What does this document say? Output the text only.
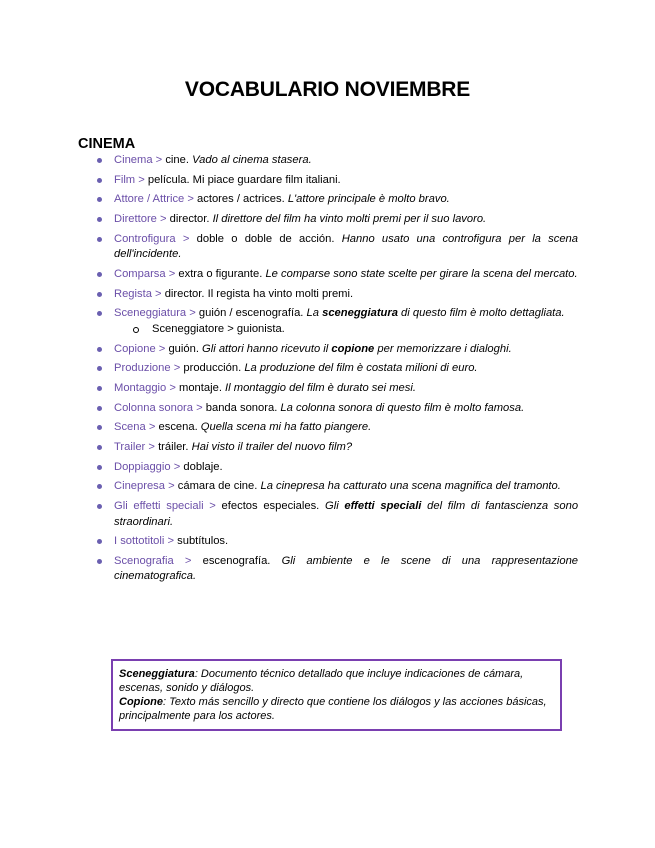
VOCABULARIO NOVIEMBRE
CINEMA
Cinema > cine. Vado al cinema stasera.
Film > película. Mi piace guardare film italiani.
Attore / Attrice > actores / actrices. L'attore principale è molto bravo.
Direttore > director. Il direttore del film ha vinto molti premi per il suo lavoro.
Controfigura > doble o doble de acción. Hanno usato una controfigura per la scena dell'incidente.
Comparsa > extra o figurante. Le comparse sono state scelte per girare la scena del mercato.
Regista > director. Il regista ha vinto molti premi.
Sceneggiatura > guión / escenografía. La sceneggiatura di questo film è molto dettagliata.
Sceneggiatore > guionista.
Copione > guión. Gli attori hanno ricevuto il copione per memorizzare i dialoghi.
Produzione > producción. La produzione del film è costata milioni di euro.
Montaggio > montaje. Il montaggio del film è durato sei mesi.
Colonna sonora > banda sonora. La colonna sonora di questo film è molto famosa.
Scena > escena. Quella scena mi ha fatto piangere.
Trailer > tráiler. Hai visto il trailer del nuovo film?
Doppiaggio > doblaje.
Cinepresa > cámara de cine. La cinepresa ha catturato una scena magnifica del tramonto.
Gli effetti speciali > efectos especiales. Gli effetti speciali del film di fantascienza sono straordinari.
I sottotitoli > subtítulos.
Scenografia > escenografía. Gli ambiente e le scene di una rappresentazione cinematografica.
Sceneggiatura: Documento técnico detallado que incluye indicaciones de cámara, escenas, sonido y diálogos.
Copione: Texto más sencillo y directo que contiene los diálogos y las acciones básicas, principalmente para los actores.
